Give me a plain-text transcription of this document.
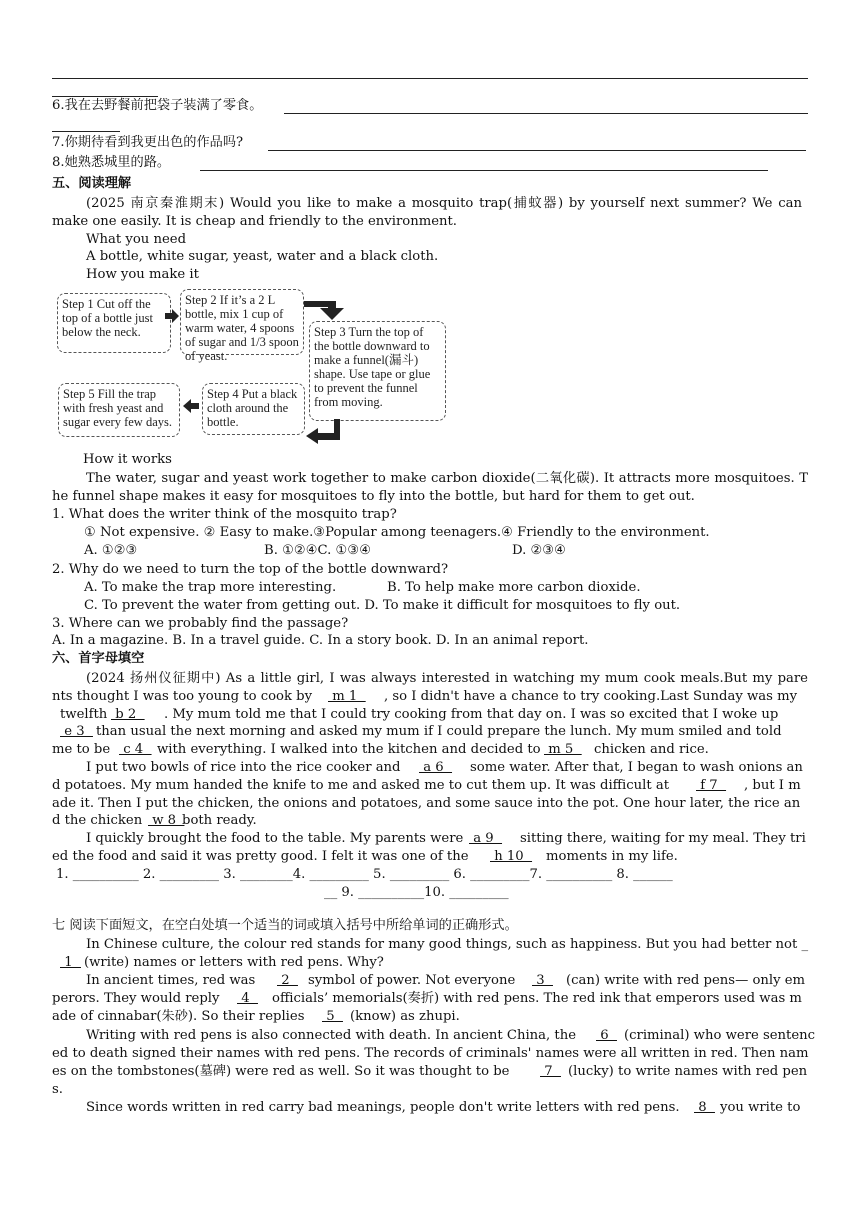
6.我在去野餐前把袋子装满了零食。
7.你期待看到我更出色的作品吗?
8.她熟悉城里的路。
五、阅读理解
(2025 南京秦淮期末) Would you like to make a mosquito trap(捕蚊器) by yourself next summer? We can
make one easily. It is cheap and friendly to the environment.
What you need
A bottle, white sugar, yeast, water and a black cloth.
How you make it
Step 1 Cut off the top of a bottle just below the neck.
Step 2 If it’s a 2 L bottle, mix 1 cup of warm water, 4 spoons of sugar and 1/3 spoon of yeast.
Step 3 Turn the top of the bottle downward to make a funnel(漏斗) shape. Use tape or glue to prevent the funnel from moving.
Step 4 Put a black cloth around the bottle.
Step 5 Fill the trap with fresh yeast and sugar every few days.
How it works
The water, sugar and yeast work together to make carbon dioxide(二氧化碳). It attracts more mosquitoes. T
he funnel shape makes it easy for mosquitoes to fly into the bottle, but hard for them to get out.
1. What does the writer think of the mosquito trap?
① Not expensive. ② Easy to make.③Popular among teenagers.④ Friendly to the environment.
A. ①②③	B. ①②④C. ①③④	D. ②③④
2. Why do we need to turn the top of the bottle downward?
A. To make the trap more interesting.	B. To help make more carbon dioxide.
C. To prevent the water from getting out. D. To make it difficult for mosquitoes to fly out.
3. Where can we probably find the passage?
A. In a magazine. B. In a travel guide. C. In a story book. D. In an animal report.
六、首字母填空
(2024 扬州仪征期中) As a little girl, I was always interested in watching my mum cook meals.But my pare
nts thought I was too young to cook by m 1 , so I didn't have a chance to try cooking.Last Sunday was my
twelfth b 2 . My mum told me that I could try cooking from that day on. I was so excited that I woke up
e 3 than usual the next morning and asked my mum if I could prepare the lunch. My mum smiled and told
me to be c 4 with everything. I walked into the kitchen and decided to m 5 chicken and rice.
I put two bowls of rice into the rice cooker and a 6 some water. After that, I began to wash onions an
d potatoes. My mum handed the knife to me and asked me to cut them up. It was difficult at f 7 , but I m
ade it. Then I put the chicken, the onions and potatoes, and some sauce into the pot. One hour later, the rice an
d the chicken w 8
both ready.
I quickly brought the food to the table. My parents were a 9 sitting there, waiting for my meal. They tri
ed the food and said it was pretty good. I felt it was one of the h 10 moments in my life.
1. __________ 2. _________ 3. ________4. _________ 5. _________ 6. _________7. __________ 8. ______
__ 9. __________10. _________
七 阅读下面短文，在空白处填一个适当的词或填入括号中所给单词的正确形式。
In Chinese culture, the colour red stands for many good things, such as happiness. But you had better not _
1 (write) names or letters with red pens. Why?
In ancient times, red was 2 symbol of power. Not everyone 3 (can) write with red pens— only em
perors. They would reply 4 officials’ memorials(奏折) with red pens. The red ink that emperors used was m
ade of cinnabar(朱砂). So their replies 5 (know) as zhupi.
Writing with red pens is also connected with death. In ancient China, the 6 (criminal) who were sentenc
ed to death signed their names with red pens. The records of criminals' names were all written in red. Then nam
es on the tombstones(墓碑) were red as well. So it was thought to be 7 (lucky) to write names with red pen
s.
Since words written in red carry bad meanings, people don't write letters with red pens. 8 you write to
